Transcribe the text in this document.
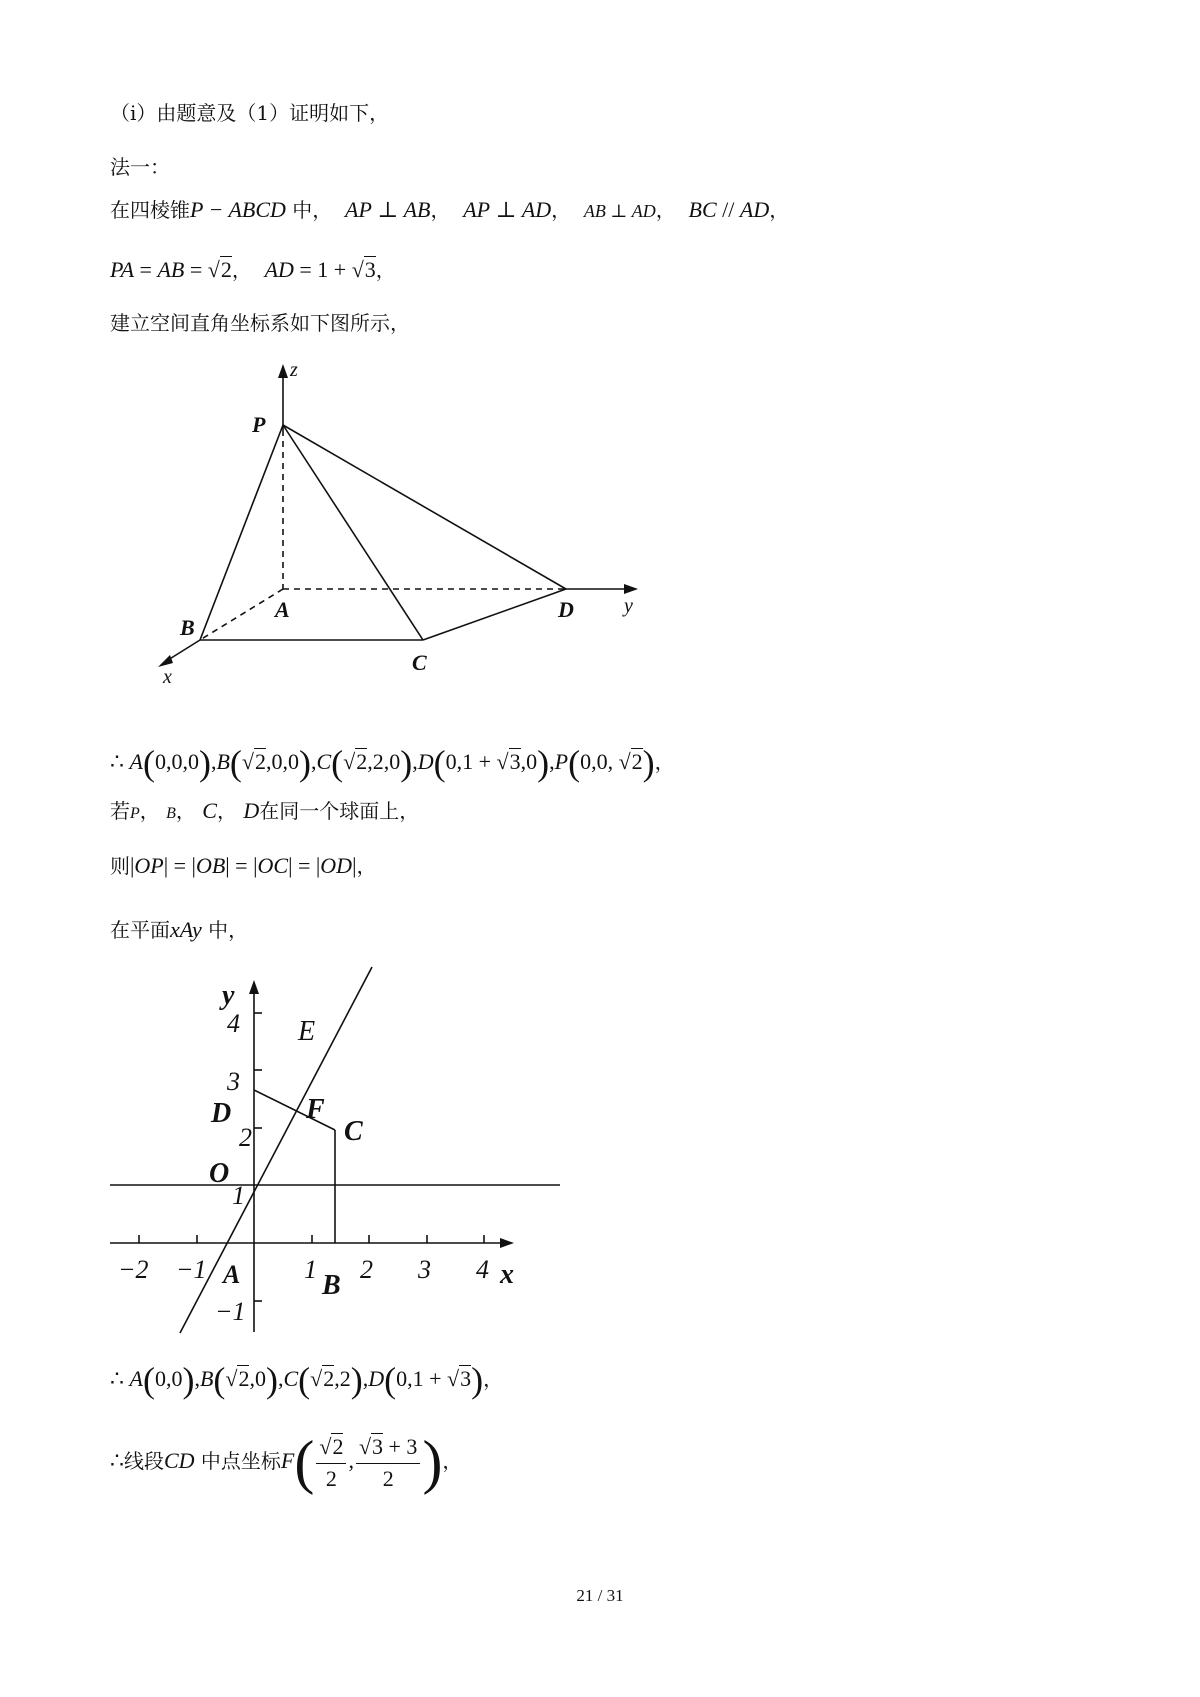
（i）由题意及（1）证明如下，
法一：
在四棱锥P − ABCD 中， AP ⊥ AB，  AP ⊥ AD，  AB ⊥ AD，  BC // AD，
PA = AB = √2，  AD = 1 + √3，
建立空间直角坐标系如下图所示，
z
y
x
P
A
B
C
D
∴ A(0,0,0),B(√2,0,0),C(√2,2,0),D(0,1 + √3,0),P(0,0, √2)，
若P， B， C， D在同一个球面上，
则|OP| = |OB| = |OC| = |OD|，
在平面xAy 中，
y
x
E
D	F
C
O
A	B
−2 −1	1 2 3 4
4
3
2
1
−1
∴ A(0,0),B(√2,0),C(√2,2),D(0,1 + √3)，
∴线段CD 中点坐标$F( \frac{√2}{2}$ , $\frac{√3 + 3}{2}$ )，
21 / 31
